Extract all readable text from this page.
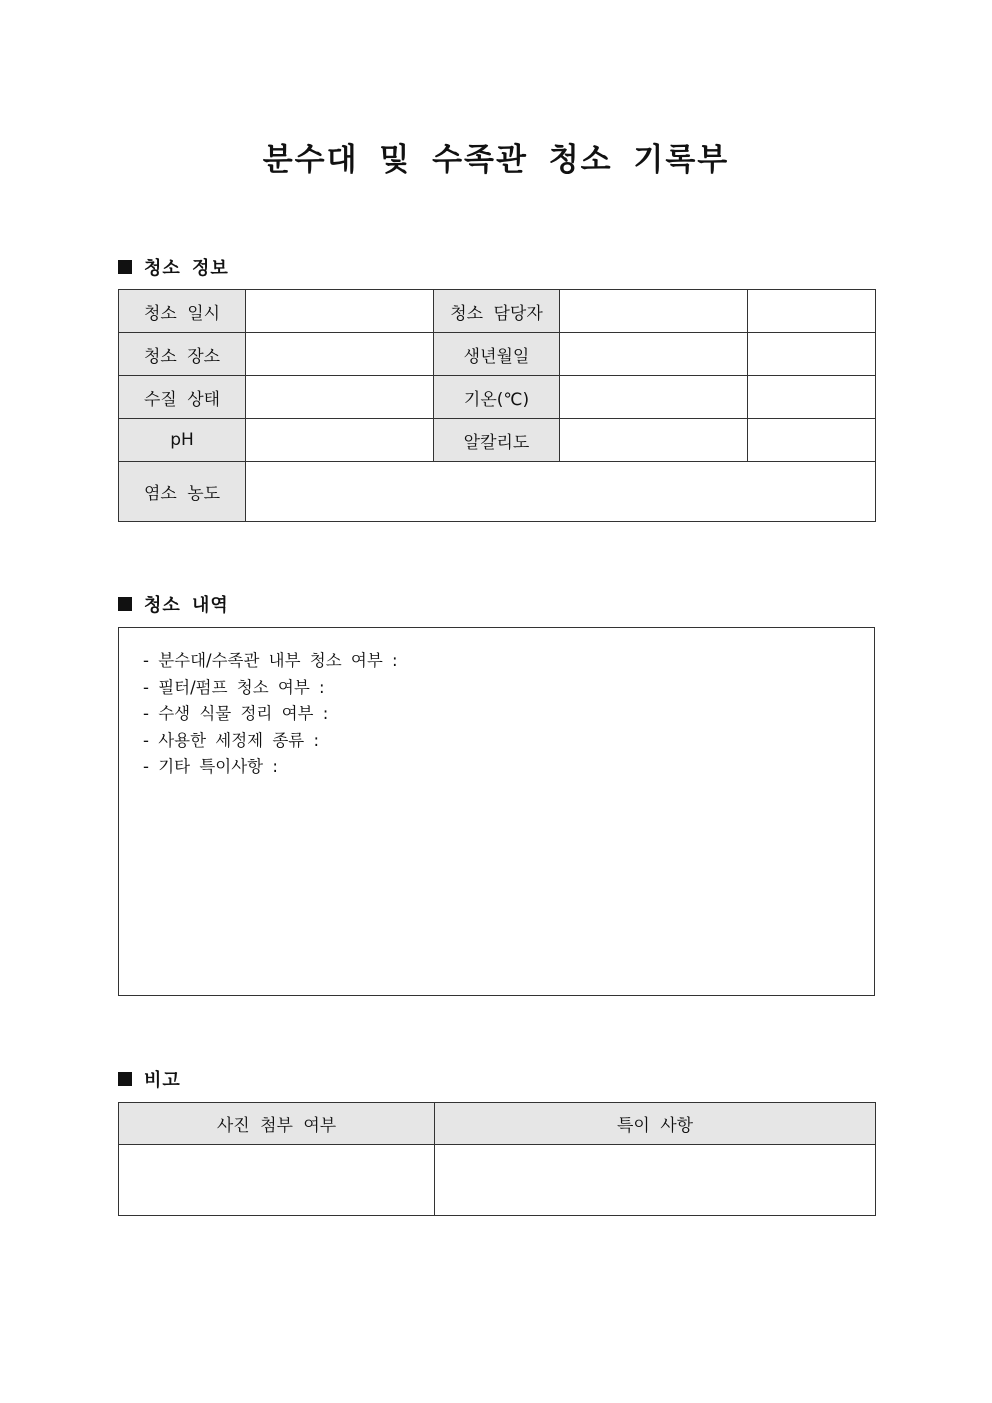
분수대 및 수족관 청소 기록부
청소 정보
청소 일시		청소 담당자		
청소 장소		생년월일		
수질 상태		기온(℃)		
pH		알칼리도		
염소 농도				
청소 내역
- 분수대/수족관 내부 청소 여부 :
- 필터/펌프 청소 여부 :
- 수생 식물 정리 여부 :
- 사용한 세정제 종류 :
- 기타 특이사항 :
비고
사진 첨부 여부	특이 사항
